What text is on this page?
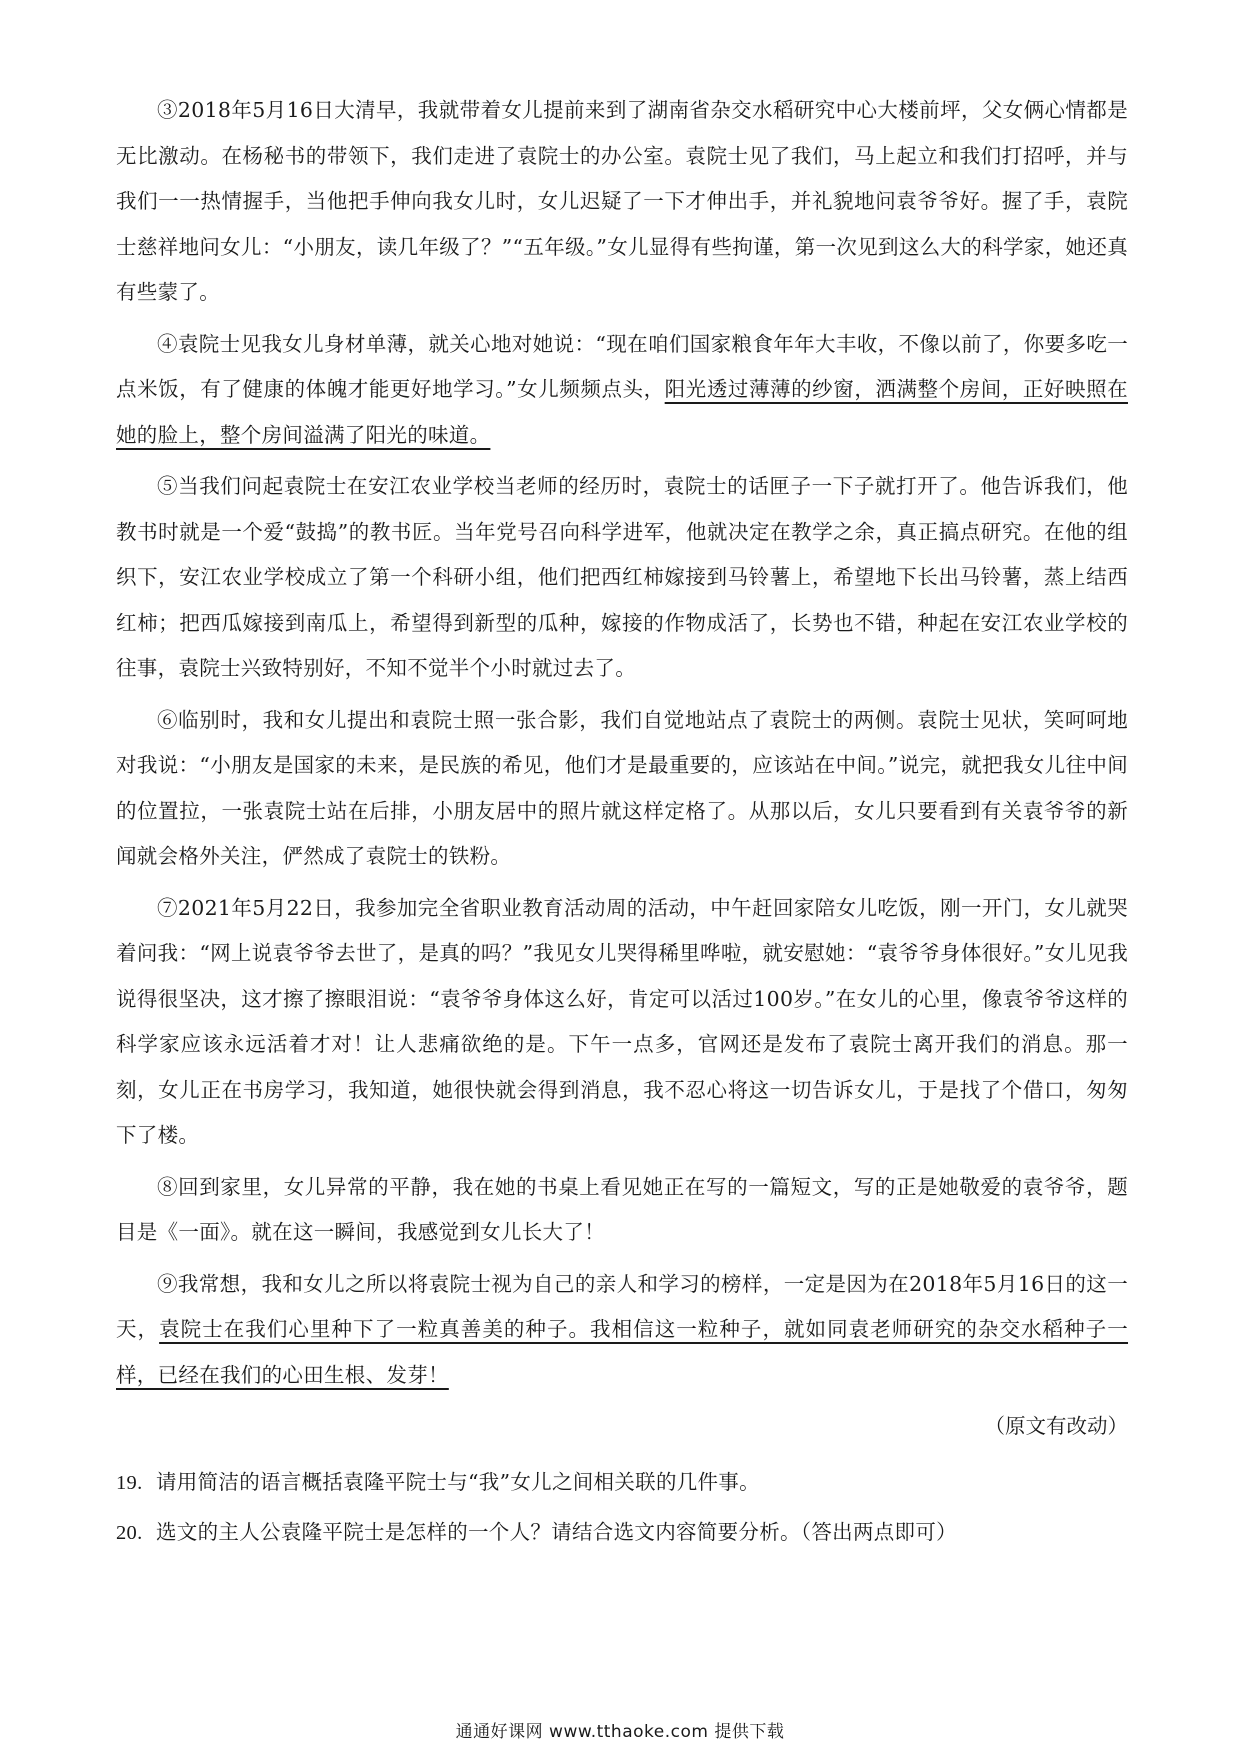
③2018年5月16日大清早，我就带着女儿提前来到了湖南省杂交水稻研究中心大楼前坪，父女俩心情都是无比激动。在杨秘书的带领下，我们走进了袁院士的办公室。袁院士见了我们，马上起立和我们打招呼，并与我们一一热情握手，当他把手伸向我女儿时，女儿迟疑了一下才伸出手，并礼貌地问袁爷爷好。握了手，袁院士慈祥地问女儿：“小朋友，读几年级了？”“五年级。”女儿显得有些拘谨，第一次见到这么大的科学家，她还真有些蒙了。

④袁院士见我女儿身材单薄，就关心地对她说：“现在咱们国家粮食年年大丰收，不像以前了，你要多吃一点米饭，有了健康的体魄才能更好地学习。”女儿频频点头，阳光透过薄薄的纱窗，洒满整个房间，正好映照在她的脸上，整个房间溢满了阳光的味道。

⑤当我们问起袁院士在安江农业学校当老师的经历时，袁院士的话匣子一下子就打开了。他告诉我们，他教书时就是一个爱“鼓捣”的教书匠。当年党号召向科学进军，他就决定在教学之余，真正搞点研究。在他的组织下，安江农业学校成立了第一个科研小组，他们把西红柿嫁接到马铃薯上，希望地下长出马铃薯，蒸上结西红柿；把西瓜嫁接到南瓜上，希望得到新型的瓜种，嫁接的作物成活了，长势也不错，种起在安江农业学校的往事，袁院士兴致特别好，不知不觉半个小时就过去了。

⑥临别时，我和女儿提出和袁院士照一张合影，我们自觉地站点了袁院士的两侧。袁院士见状，笑呵呵地对我说：“小朋友是国家的未来，是民族的希见，他们才是最重要的，应该站在中间。”说完，就把我女儿往中间的位置拉，一张袁院士站在后排，小朋友居中的照片就这样定格了。从那以后，女儿只要看到有关袁爷爷的新闻就会格外关注，俨然成了袁院士的铁粉。

⑦2021年5月22日，我参加完全省职业教育活动周的活动，中午赶回家陪女儿吃饭，刚一开门，女儿就哭着问我：“网上说袁爷爷去世了，是真的吗？”我见女儿哭得稀里哗啦，就安慰她：“袁爷爷身体很好。”女儿见我说得很坚决，这才擦了擦眼泪说：“袁爷爷身体这么好，肯定可以活过100岁。”在女儿的心里，像袁爷爷这样的科学家应该永远活着才对！让人悲痛欲绝的是。下午一点多，官网还是发布了袁院士离开我们的消息。那一刻，女儿正在书房学习，我知道，她很快就会得到消息，我不忍心将这一切告诉女儿，于是找了个借口，匆匆下了楼。

⑧回到家里，女儿异常的平静，我在她的书桌上看见她正在写的一篇短文，写的正是她敬爱的袁爷爷，题目是《一面》。就在这一瞬间，我感觉到女儿长大了！

⑨我常想，我和女儿之所以将袁院士视为自己的亲人和学习的榜样，一定是因为在2018年5月16日的这一天，袁院士在我们心里种下了一粒真善美的种子。我相信这一粒种子，就如同袁老师研究的杂交水稻种子一样，已经在我们的心田生根、发芽！

（原文有改动）
19. 请用简洁的语言概括袁隆平院士与“我”女儿之间相关联的几件事。
20. 选文的主人公袁隆平院士是怎样的一个人？请结合选文内容简要分析。（答出两点即可）
通通好课网 www.tthaoke.com 提供下载
